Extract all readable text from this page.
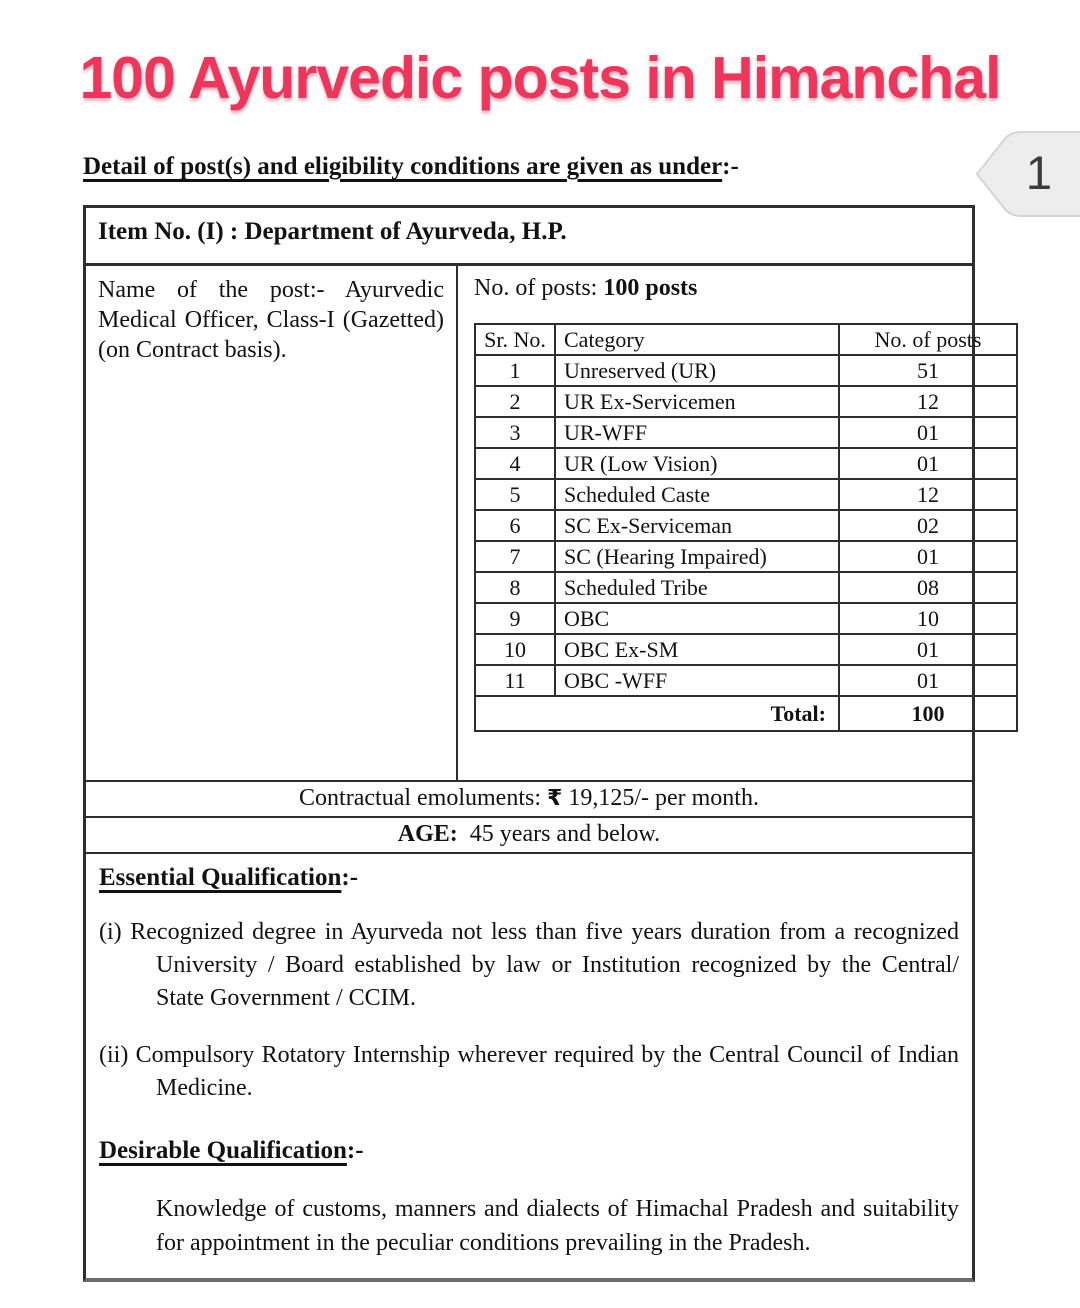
100 Ayurvedic posts in Himanchal
1
Detail of post(s) and eligibility conditions are given as under:-
Item No. (I) : Department of Ayurveda, H.P.
Name of the post:- Ayurvedic Medical Officer, Class-I (Gazetted) (on Contract basis).
No. of posts: 100 posts
Sr. No.	Category	No. of posts
1	Unreserved (UR)	51
2	UR Ex-Servicemen	12
3	UR-WFF	01
4	UR (Low Vision)	01
5	Scheduled Caste	12
6	SC Ex-Serviceman	02
7	SC (Hearing Impaired)	01
8	Scheduled Tribe	08
9	OBC	10
10	OBC Ex-SM	01
11	OBC -WFF	01
Total:		100
Contractual emoluments: ₹ 19,125/- per month.
AGE:  45 years and below.
Essential Qualification:-

(i) Recognized degree in Ayurveda not less than five years duration from a recognized University / Board established by law or Institution recognized by the Central/ State Government / CCIM.

(ii) Compulsory Rotatory Internship wherever required by the Central Council of Indian Medicine.

Desirable Qualification:-

Knowledge of customs, manners and dialects of Himachal Pradesh and suitability for appointment in the peculiar conditions prevailing in the Pradesh.
